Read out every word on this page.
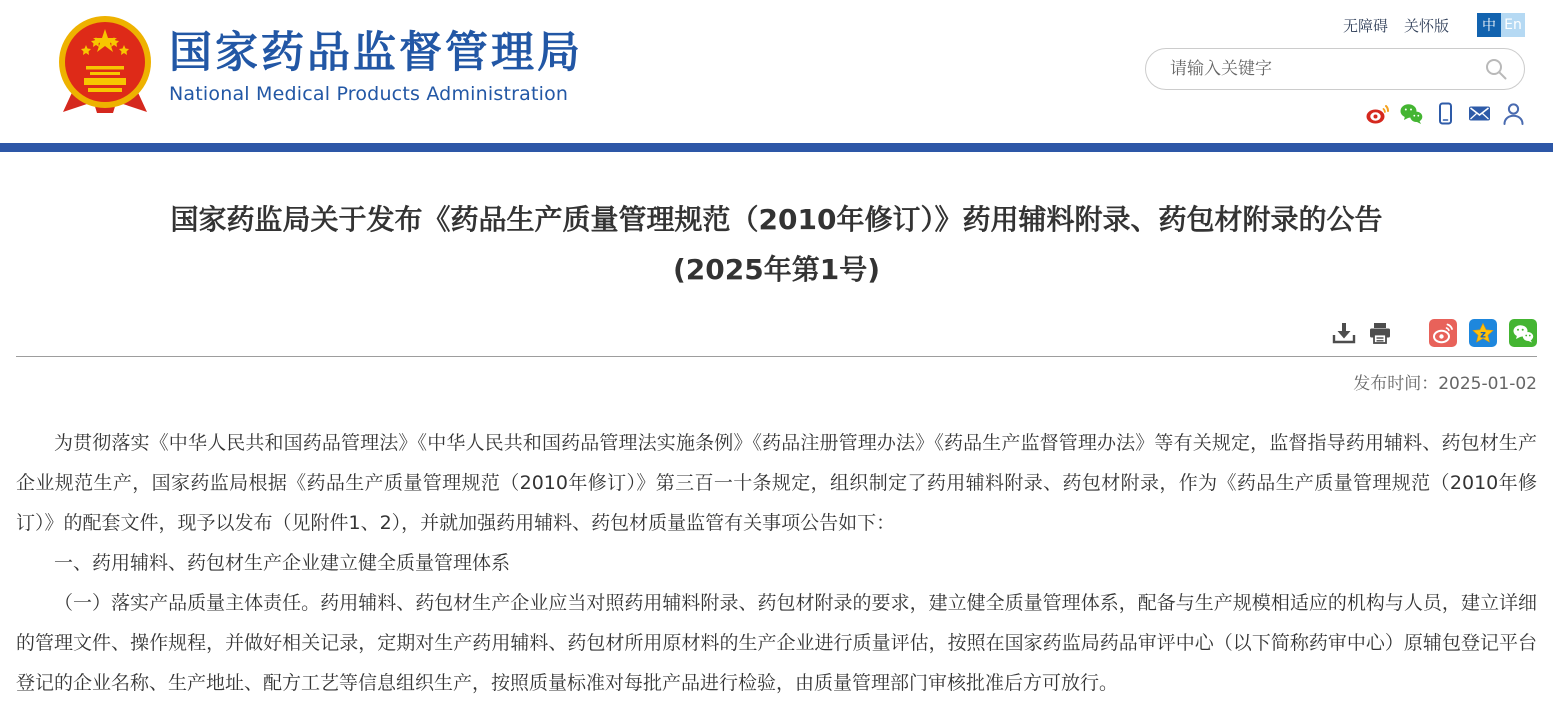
国家药品监督管理局
National Medical Products Administration
无障碍 关怀版	中 En
请输入关键字
国家药监局关于发布《药品生产质量管理规范（2010年修订）》药用辅料附录、药包材附录的公告
(2025年第1号)
z
发布时间：2025-01-02

为贯彻落实《中华人民共和国药品管理法》《中华人民共和国药品管理法实施条例》《药品注册管理办法》《药品生产监督管理办法》等有关规定，监督指导药用辅料、药包材生产企业规范生产，国家药监局根据《药品生产质量管理规范（2010年修订）》第三百一十条规定，组织制定了药用辅料附录、药包材附录，作为《药品生产质量管理规范（2010年修订）》的配套文件，现予以发布（见附件1、2），并就加强药用辅料、药包材质量监管有关事项公告如下：

一、药用辅料、药包材生产企业建立健全质量管理体系

（一）落实产品质量主体责任。药用辅料、药包材生产企业应当对照药用辅料附录、药包材附录的要求，建立健全质量管理体系，配备与生产规模相适应的机构与人员，建立详细的管理文件、操作规程，并做好相关记录，定期对生产药用辅料、药包材所用原材料的生产企业进行质量评估，按照在国家药监局药品审评中心（以下简称药审中心）原辅包登记平台登记的企业名称、生产地址、配方工艺等信息组织生产，按照质量标准对每批产品进行检验，由质量管理部门审核批准后方可放行。
